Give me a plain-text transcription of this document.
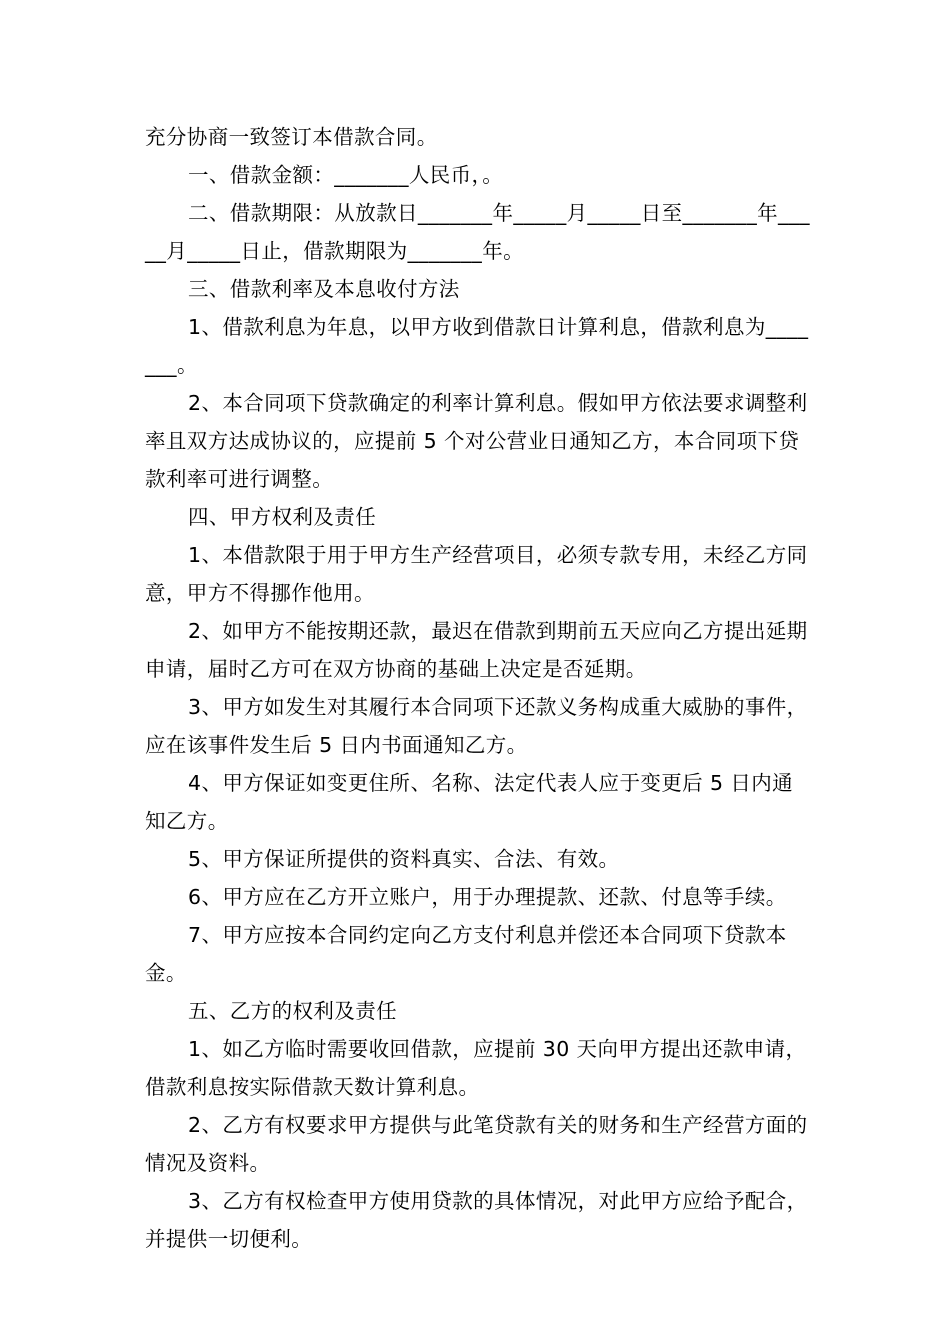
充分协商一致签订本借款合同。

一、借款金额：_______人民币，。

二、借款期限：从放款日_______年_____月_____日至_______年_____月_____日止，借款期限为_______年。

三、借款利率及本息收付方法

1、借款利息为年息，以甲方收到借款日计算利息，借款利息为_______。

2、本合同项下贷款确定的利率计算利息。假如甲方依法要求调整利率且双方达成协议的，应提前 5 个对公营业日通知乙方，本合同项下贷款利率可进行调整。

四、甲方权利及责任

1、本借款限于用于甲方生产经营项目，必须专款专用，未经乙方同意，甲方不得挪作他用。

2、如甲方不能按期还款，最迟在借款到期前五天应向乙方提出延期申请，届时乙方可在双方协商的基础上决定是否延期。

3、甲方如发生对其履行本合同项下还款义务构成重大威胁的事件，应在该事件发生后 5 日内书面通知乙方。

4、甲方保证如变更住所、名称、法定代表人应于变更后 5 日内通知乙方。

5、甲方保证所提供的资料真实、合法、有效。

6、甲方应在乙方开立账户，用于办理提款、还款、付息等手续。

7、甲方应按本合同约定向乙方支付利息并偿还本合同项下贷款本金。

五、乙方的权利及责任

1、如乙方临时需要收回借款，应提前 30 天向甲方提出还款申请，借款利息按实际借款天数计算利息。

2、乙方有权要求甲方提供与此笔贷款有关的财务和生产经营方面的情况及资料。

3、乙方有权检查甲方使用贷款的具体情况，对此甲方应给予配合，并提供一切便利。
